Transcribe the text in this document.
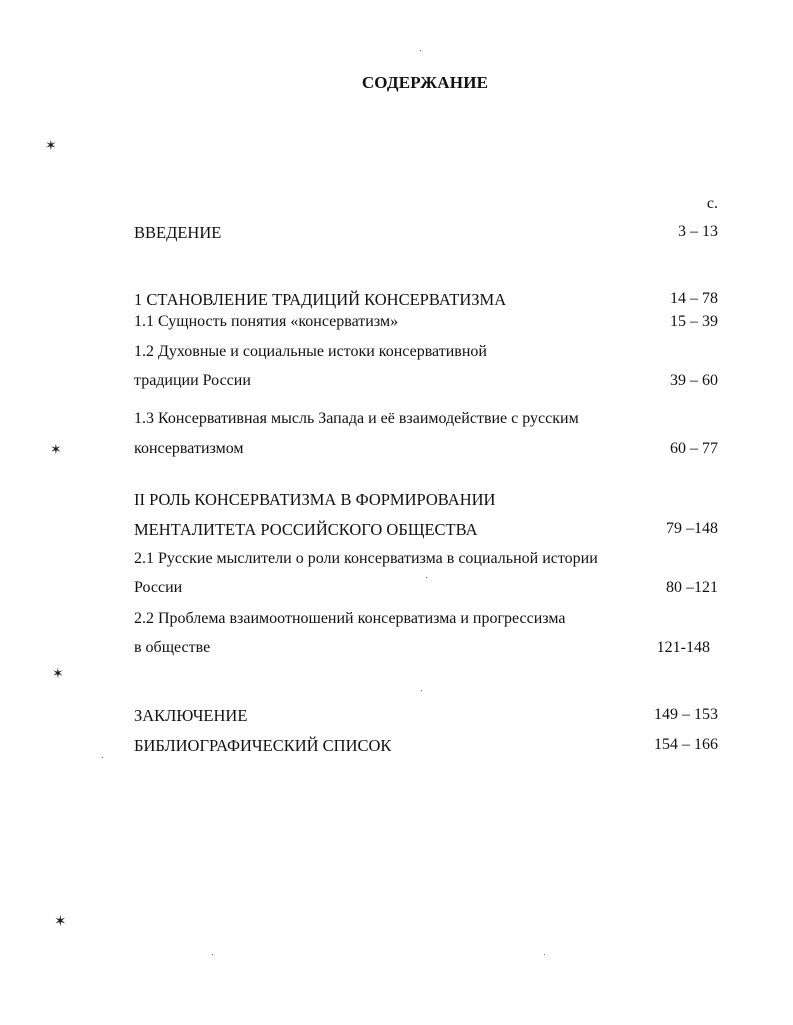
СОДЕРЖАНИЕ
с.
ВВЕДЕНИЕ	3 – 13
1 СТАНОВЛЕНИЕ ТРАДИЦИЙ КОНСЕРВАТИЗМА	14 – 78
1.1 Сущность понятия «консерватизм»	15 – 39
1.2 Духовные и социальные истоки консервативной
традиции России	39 – 60
1.3 Консервативная мысль Запада и её взаимодействие с русским
консерватизмом	60 – 77
II РОЛЬ КОНСЕРВАТИЗМА В ФОРМИРОВАНИИ
МЕНТАЛИТЕТА РОССИЙСКОГО ОБЩЕСТВА	79 –148
2.1 Русские мыслители о роли консерватизма в социальной истории
России	80 –121
2.2 Проблема взаимоотношений консерватизма и прогрессизма
в обществе	121-148
ЗАКЛЮЧЕНИЕ	149 – 153
БИБЛИОГРАФИЧЕСКИЙ СПИСОК	154 – 166
✶
✶
✶
✶
